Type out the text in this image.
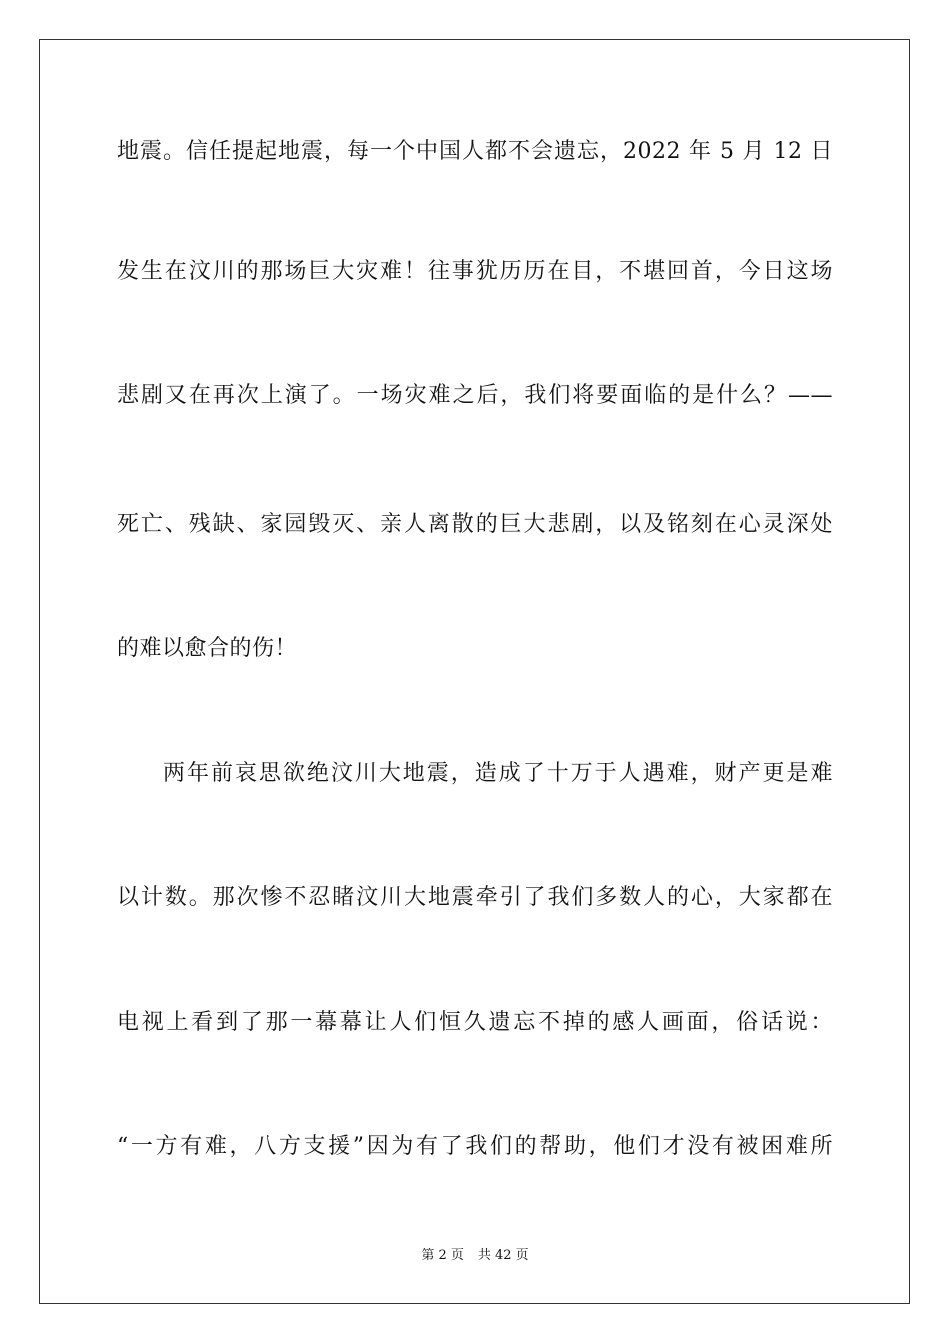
地震。信任提起地震，每一个中国人都不会遗忘，2022 年 5 月 12 日
发生在汶川的那场巨大灾难！往事犹历历在目，不堪回首，今日这场
悲剧又在再次上演了。一场灾难之后，我们将要面临的是什么？——
死亡、残缺、家园毁灭、亲人离散的巨大悲剧，以及铭刻在心灵深处
的难以愈合的伤！
两年前哀思欲绝汶川大地震，造成了十万于人遇难，财产更是难
以计数。那次惨不忍睹汶川大地震牵引了我们多数人的心，大家都在
电视上看到了那一幕幕让人们恒久遗忘不掉的感人画面，俗话说：
“一方有难，八方支援”因为有了我们的帮助，他们才没有被困难所
第 2 页 共 42 页
